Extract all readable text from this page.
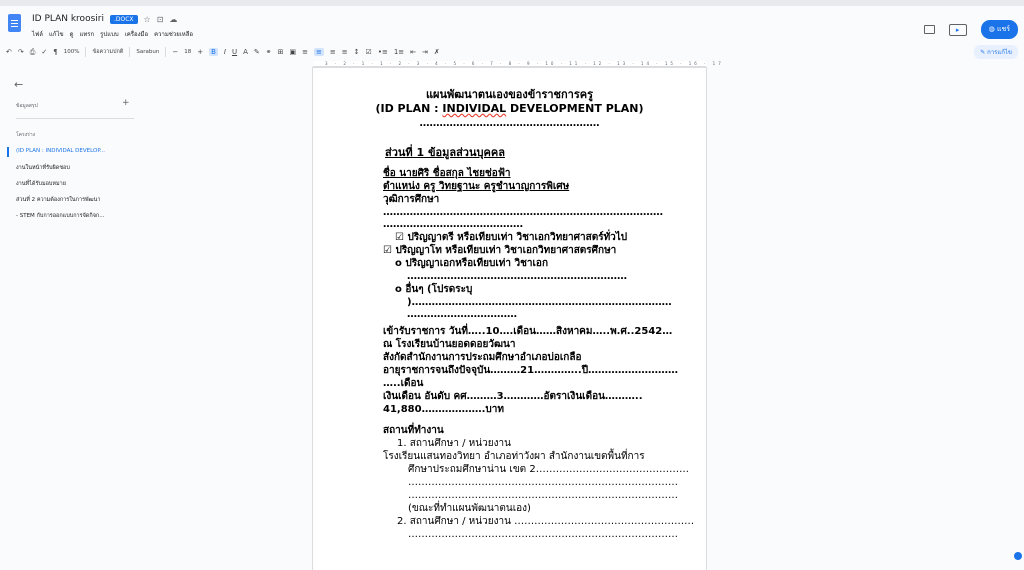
ID PLAN kroosiri	.DOCX	☆ ⊡ ☁
ไฟล์ แก้ไข ดู แทรก รูปแบบ เครื่องมือ ความช่วยเหลือ
▸	◍ แชร์
↶ ↷ ⎙ ✓ ¶ 100% ข้อความปกติ Sarabun − 18 + B I U A ✎ ⚭ ⊞ ▣ ≡ ≡ ≡ ≡ ↕ ☑ •≡ 1≡ ⇤ ⇥ ✗	✎ การแก้ไข
3 · 2 · 1 · 1 · 2 · 3 · 4 · 5 · 6 · 7 · 8 · 9 · 10 · 11 · 12 · 13 · 14 · 15 · 16 · 17
←
ข้อมูลสรุป	+
โครงร่าง
(ID PLAN : INDIVIDAL DEVELOP...
งานในหน้าที่รับผิดชอบ
งานที่ได้รับมอบหมาย
ส่วนที่ 2 ความต้องการในการพัฒนา
- STEM กับการออกแบบการจัดกิจก...
แผนพัฒนาตนเองของข้าราชการครู
(ID PLAN : INDIVIDAL DEVELOPMENT PLAN)
………………………………………………
ส่วนที่ 1 ข้อมูลส่วนบุคคล
ชื่อ นายศิริ ชื่อสกุล ไชยช่อฟ้า
ตำแหน่ง ครู วิทยฐานะ ครูชำนาญการพิเศษ
วุฒิการศึกษา
…………………………………………………………………………
……………………………………
☑ ปริญญาตรี หรือเทียบเท่า วิชาเอกวิทยาศาสตร์ทั่วไป
☑ ปริญญาโท หรือเทียบเท่า วิชาเอกวิทยาศาสตรศึกษา
o ปริญญาเอกหรือเทียบเท่า วิชาเอก
…………………………………………………………
o อื่นๆ (โปรดระบุ
)……………………………………………………………………
……………………………
เข้ารับราชการ วันที่…..10….เดือน……สิงหาคม…..พ.ศ..2542…
ณ โรงเรียนบ้านยอดดอยวัฒนา
สังกัดสำนักงานการประถมศึกษาอำเภอบ่อเกลือ
อายุราชการจนถึงปัจจุบัน………21…………..ปี………………………
…..เดือน
เงินเดือน อันดับ คศ………3…………อัตราเงินเดือน………..
41,880……………….บาท
สถานที่ทำงาน
1. สถานศึกษา / หน่วยงาน
โรงเรียนแสนทองวิทยา อำเภอท่าวังผา สำนักงานเขตพื้นที่การ
ศึกษาประถมศึกษาน่าน เขต 2……………………………………….
………………………………………………………………………
………………………………………………………………………
(ขณะที่ทำแผนพัฒนาตนเอง)
2. สถานศึกษา / หน่วยงาน ………………………………………………
………………………………………………………………………
